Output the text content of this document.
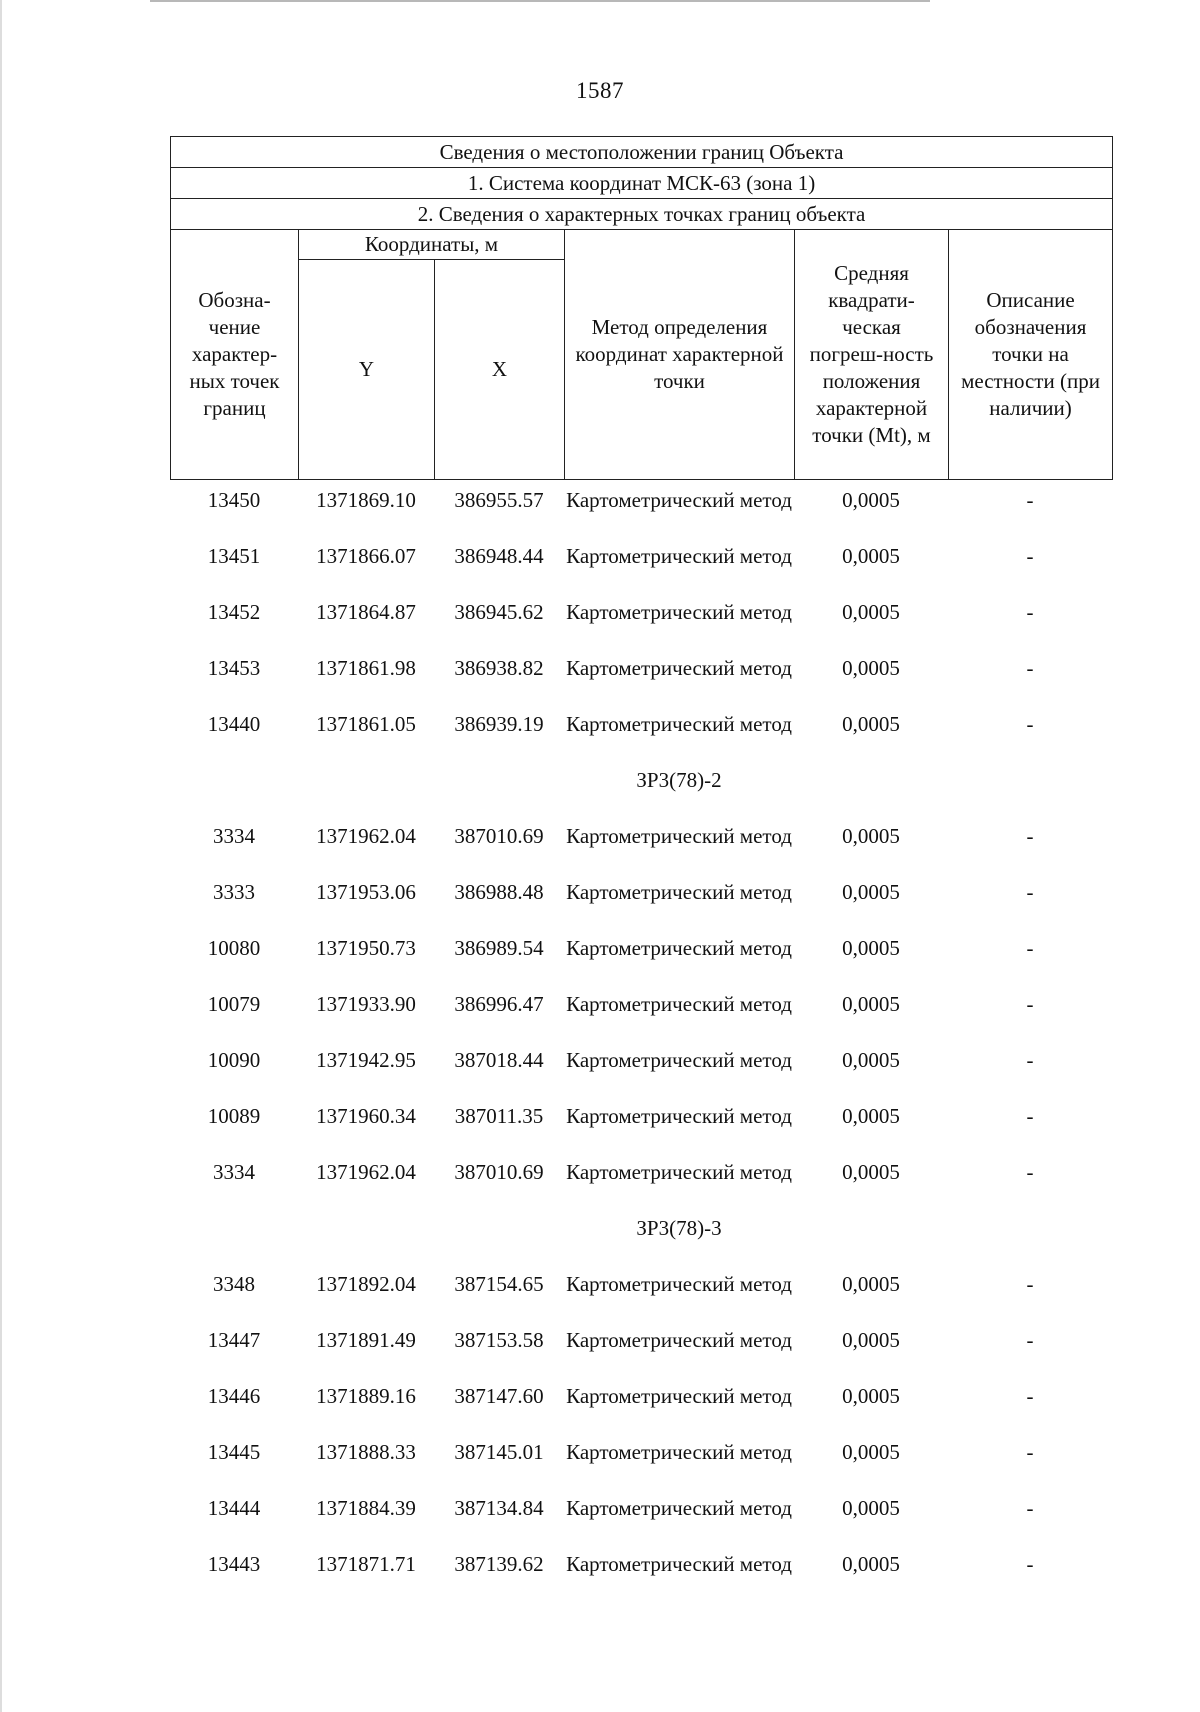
1587
Сведения о местоположении границ Объекта					
1. Система координат МСК-63 (зона 1)					
2. Сведения о характерных точках границ объекта					
Обозна-чение характер-ных точек границ	Координаты, м		Метод определения координат характерной точки	Средняя квадрати-ческая погреш-ность положения характерной точки (Mt), м	Описание обозначения точки на местности (при наличии)
	Y	X			
13450	1371869.10	386955.57	Картометрический метод	0,0005	-
13451	1371866.07	386948.44	Картометрический метод	0,0005	-
13452	1371864.87	386945.62	Картометрический метод	0,0005	-
13453	1371861.98	386938.82	Картометрический метод	0,0005	-
13440	1371861.05	386939.19	Картометрический метод	0,0005	-
			ЗР3(78)-2		
3334	1371962.04	387010.69	Картометрический метод	0,0005	-
3333	1371953.06	386988.48	Картометрический метод	0,0005	-
10080	1371950.73	386989.54	Картометрический метод	0,0005	-
10079	1371933.90	386996.47	Картометрический метод	0,0005	-
10090	1371942.95	387018.44	Картометрический метод	0,0005	-
10089	1371960.34	387011.35	Картометрический метод	0,0005	-
3334	1371962.04	387010.69	Картометрический метод	0,0005	-
			ЗР3(78)-3		
3348	1371892.04	387154.65	Картометрический метод	0,0005	-
13447	1371891.49	387153.58	Картометрический метод	0,0005	-
13446	1371889.16	387147.60	Картометрический метод	0,0005	-
13445	1371888.33	387145.01	Картометрический метод	0,0005	-
13444	1371884.39	387134.84	Картометрический метод	0,0005	-
13443	1371871.71	387139.62	Картометрический метод	0,0005	-
